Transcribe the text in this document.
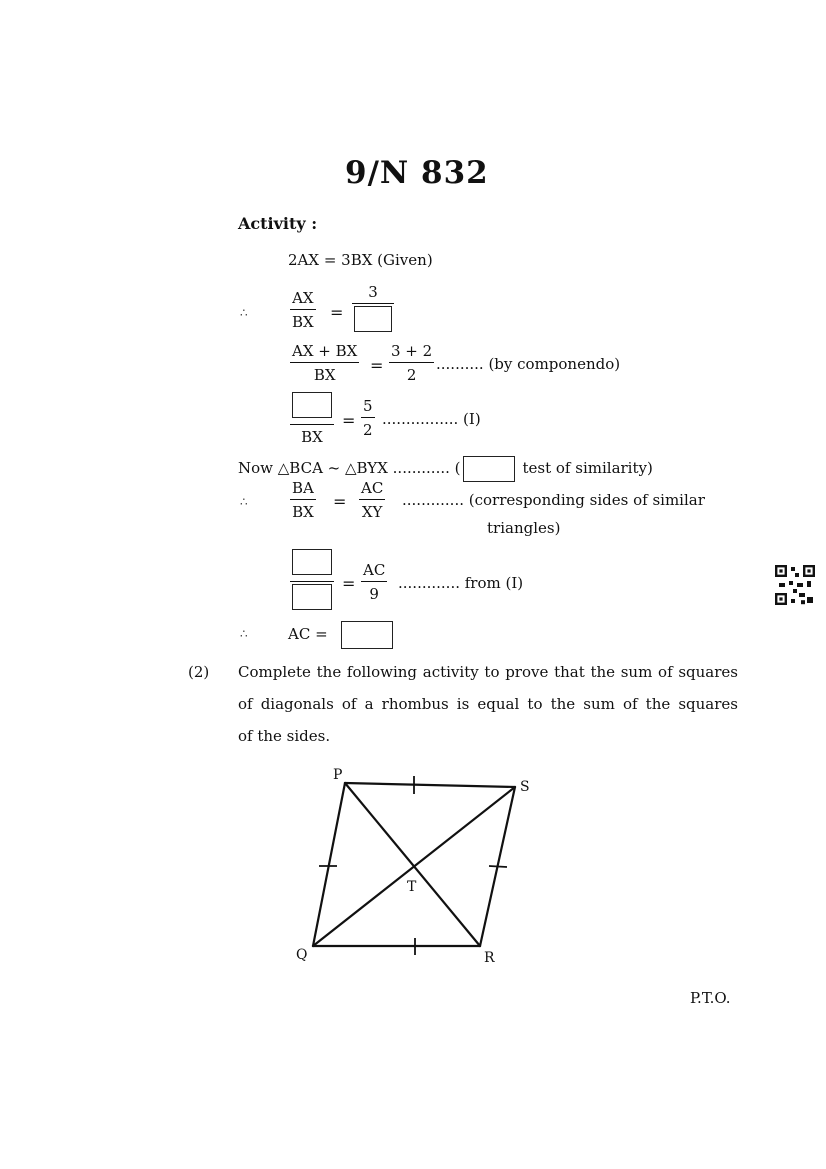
9/N 832
Activity :
2AX = 3BX (Given)
∴
AX
BX =
3
AX + BX
BX =
3 + 2
2
.......... (by componendo)
BX
=
5
2
................ (I)
Now △BCA ~ △BYX ............ (	test of similarity)
∴
BA
BX
=
AC
XY
............. (corresponding sides of similar
triangles)
=
AC
9
............. from (I)
∴	AC =
(2) Complete the following activity to prove that the sum of squares
of diagonals of a rhombus is equal to the sum of the squares
of the sides.
P
S
T
Q	R
P.T.O.
